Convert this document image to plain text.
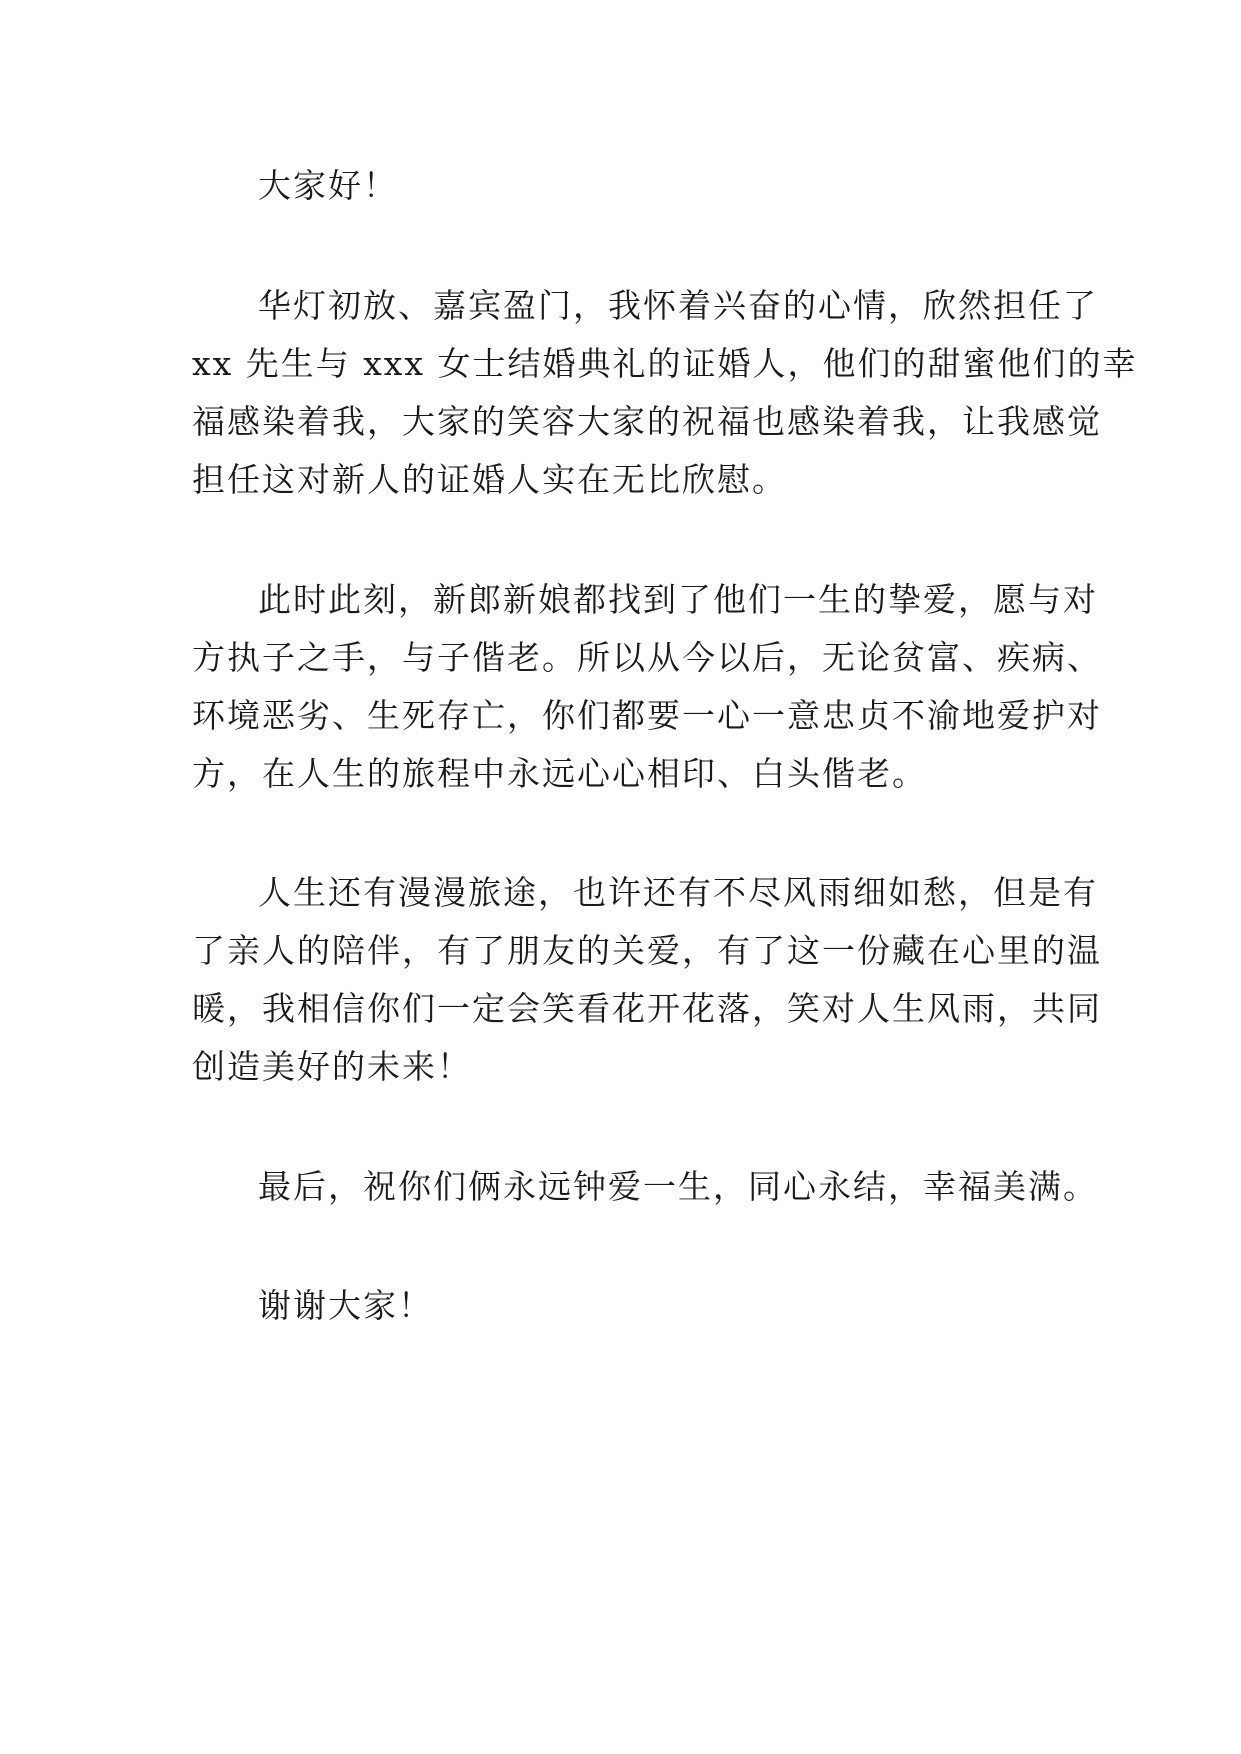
大家好！
华灯初放、嘉宾盈门，我怀着兴奋的心情，欣然担任了
xx 先生与 xxx 女士结婚典礼的证婚人，他们的甜蜜他们的幸
福感染着我，大家的笑容大家的祝福也感染着我，让我感觉
担任这对新人的证婚人实在无比欣慰。
此时此刻，新郎新娘都找到了他们一生的挚爱，愿与对
方执子之手，与子偕老。所以从今以后，无论贫富、疾病、
环境恶劣、生死存亡，你们都要一心一意忠贞不渝地爱护对
方，在人生的旅程中永远心心相印、白头偕老。
人生还有漫漫旅途，也许还有不尽风雨细如愁，但是有
了亲人的陪伴，有了朋友的关爱，有了这一份藏在心里的温
暖，我相信你们一定会笑看花开花落，笑对人生风雨，共同
创造美好的未来！
最后，祝你们俩永远钟爱一生，同心永结，幸福美满。
谢谢大家！
